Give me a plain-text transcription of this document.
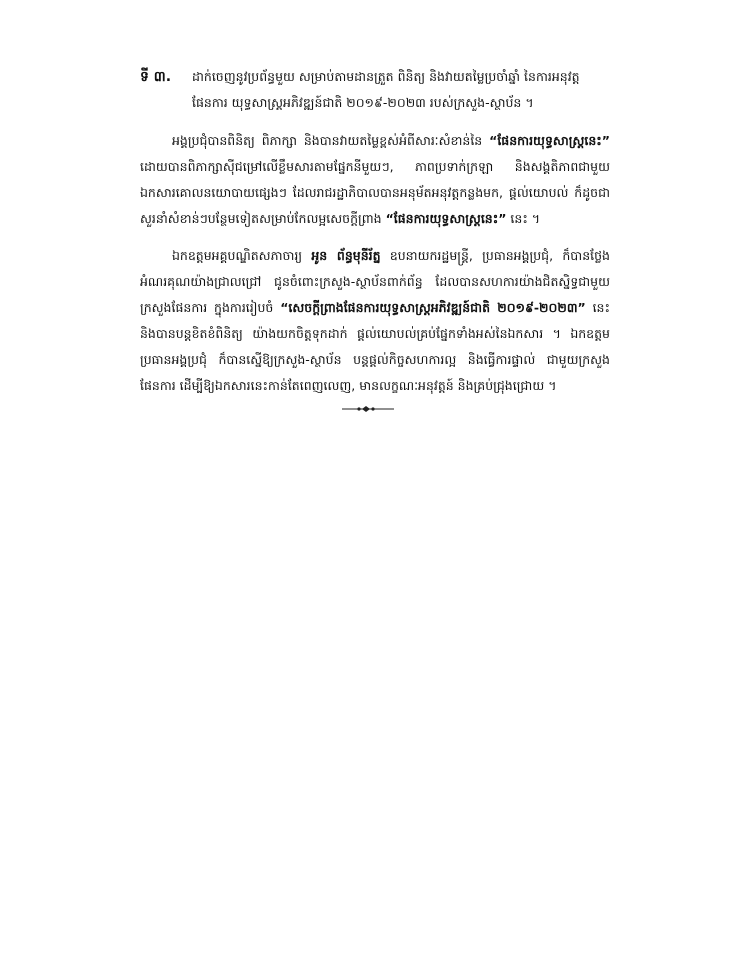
ទី ៣. ដាក់ចេញនូវប្រព័ន្ធមួយ សម្រាប់តាមដានត្រួត ពិនិត្យ និងវាយតម្លៃប្រចាំឆ្នាំ នៃការអនុវត្តផែនការ យុទ្ធសាស្ត្រអភិវឌ្ឍន៍ជាតិ ២០១៩-២០២៣ របស់ក្រសួង-ស្ថាប័ន ។

អង្គប្រជុំបានពិនិត្យ ពិភាក្សា និងបានវាយតម្លៃខ្ពស់អំពីសារៈសំខាន់នៃ “ផែនការយុទ្ធសាស្ត្រនេះ” ដោយបានពិភាក្សាស៊ីជម្រៅលើខ្លឹមសារតាមផ្នែកនីមួយៗ, ភាពប្រទាក់ក្រឡា និងសង្គតិភាពជាមួយឯកសារគោលនយោបាយផ្សេងៗ ដែលរាជរដ្ឋាភិបាលបានអនុម័តអនុវត្តកន្លងមក, ផ្ដល់យោបល់ ក៏ដូចជាសួរនាំសំខាន់ៗបន្ថែមទៀតសម្រាប់កែលម្អសេចក្ដីព្រាង “ផែនការយុទ្ធសាស្ត្រនេះ” នេះ ។

ឯកឧត្តមអគ្គបណ្ឌិតសភាចារ្យ អូន ព័ន្ធមុនីរ័ត្ន ឧបនាយករដ្ឋមន្ត្រី, ប្រធានអង្គប្រជុំ, ក៏បានថ្លែងអំណរគុណយ៉ាងជ្រាលជ្រៅ ជូនចំពោះក្រសួង-ស្ថាប័នពាក់ព័ន្ធ ដែលបានសហការយ៉ាងជិតស្និទ្ធជាមួយក្រសួងផែនការ ក្នុងការរៀបចំ “សេចក្ដីព្រាងផែនការយុទ្ធសាស្ត្រអភិវឌ្ឍន៍ជាតិ ២០១៩-២០២៣” នេះ និងបានបន្តខិតខំពិនិត្យ យ៉ាងយកចិត្តទុកដាក់ ផ្ដល់យោបល់គ្រប់ផ្នែកទាំងអស់នៃឯកសារ ។ ឯកឧត្តមប្រធានអង្គប្រជុំ ក៏បានស្នើឱ្យក្រសួង-ស្ថាប័ន បន្តផ្ដល់កិច្ចសហការល្អ និងធ្វើការផ្ទាល់ ជាមួយក្រសួងផែនការ ដើម្បីឱ្យឯកសារនេះកាន់តែពេញលេញ, មានលក្ខណៈអនុវត្តន៍ និងគ្រប់ជ្រុងជ្រោយ ។
